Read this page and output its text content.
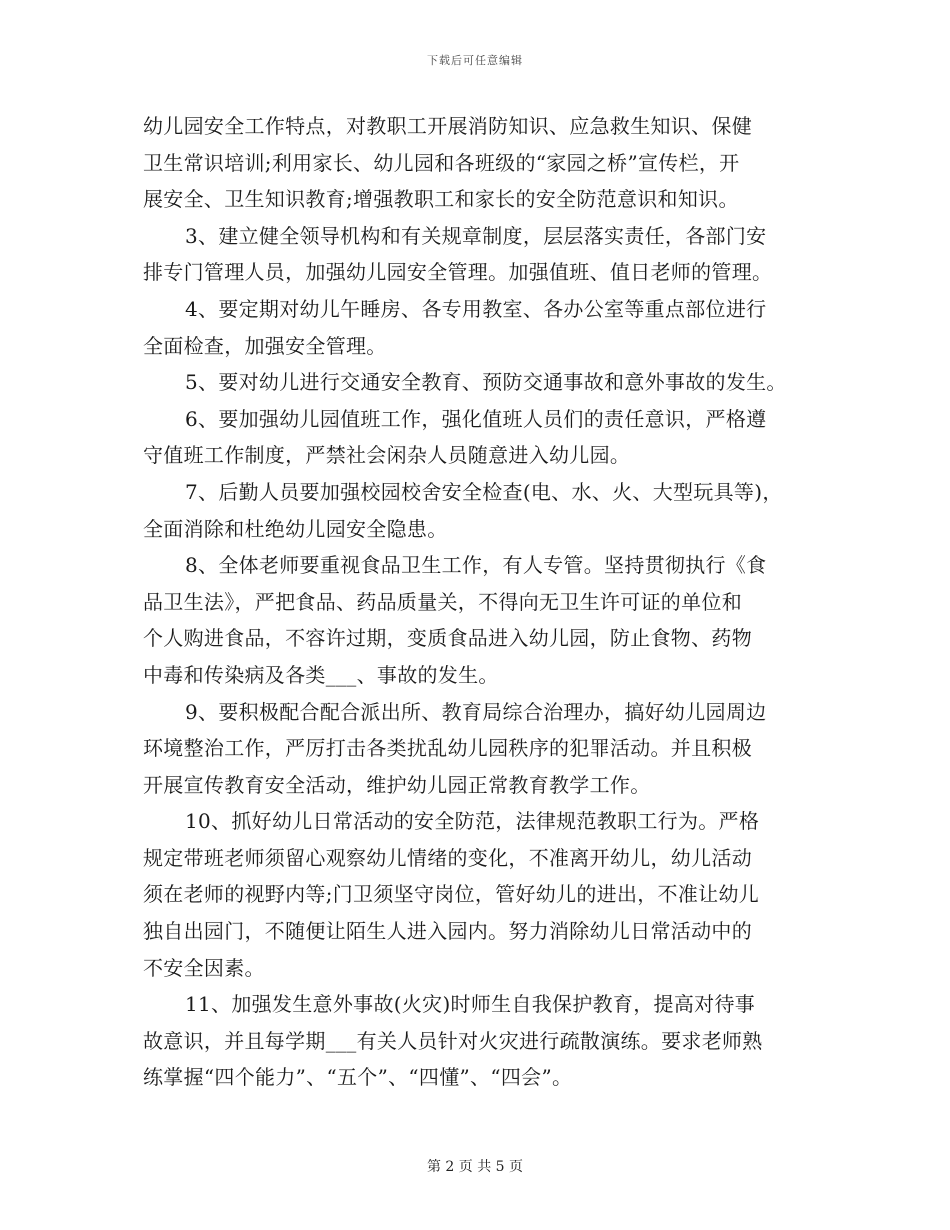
下载后可任意编辑

幼儿园安全工作特点，对教职工开展消防知识、应急救生知识、保健
卫生常识培训;利用家长、幼儿园和各班级的“家园之桥”宣传栏，开
展安全、卫生知识教育;增强教职工和家长的安全防范意识和知识。

3、建立健全领导机构和有关规章制度，层层落实责任，各部门安
排专门管理人员，加强幼儿园安全管理。加强值班、值日老师的管理。

4、要定期对幼儿午睡房、各专用教室、各办公室等重点部位进行
全面检查，加强安全管理。

5、要对幼儿进行交通安全教育、预防交通事故和意外事故的发生。

6、要加强幼儿园值班工作，强化值班人员们的责任意识，严格遵
守值班工作制度，严禁社会闲杂人员随意进入幼儿园。

7、后勤人员要加强校园校舍安全检查(电、水、火、大型玩具等)，
全面消除和杜绝幼儿园安全隐患。

8、全体老师要重视食品卫生工作，有人专管。坚持贯彻执行《食
品卫生法》，严把食品、药品质量关，不得向无卫生许可证的单位和
个人购进食品，不容许过期，变质食品进入幼儿园，防止食物、药物
中毒和传染病及各类___、事故的发生。

9、要积极配合配合派出所、教育局综合治理办，搞好幼儿园周边
环境整治工作，严厉打击各类扰乱幼儿园秩序的犯罪活动。并且积极
开展宣传教育安全活动，维护幼儿园正常教育教学工作。

10、抓好幼儿日常活动的安全防范，法律规范教职工行为。严格
规定带班老师须留心观察幼儿情绪的变化，不准离开幼儿，幼儿活动
须在老师的视野内等;门卫须坚守岗位，管好幼儿的进出，不准让幼儿
独自出园门，不随便让陌生人进入园内。努力消除幼儿日常活动中的
不安全因素。

11、加强发生意外事故(火灾)时师生自我保护教育，提高对待事
故意识，并且每学期___有关人员针对火灾进行疏散演练。要求老师熟
练掌握“四个能力”、“五个”、“四懂”、“四会”。

第 2 页 共 5 页
